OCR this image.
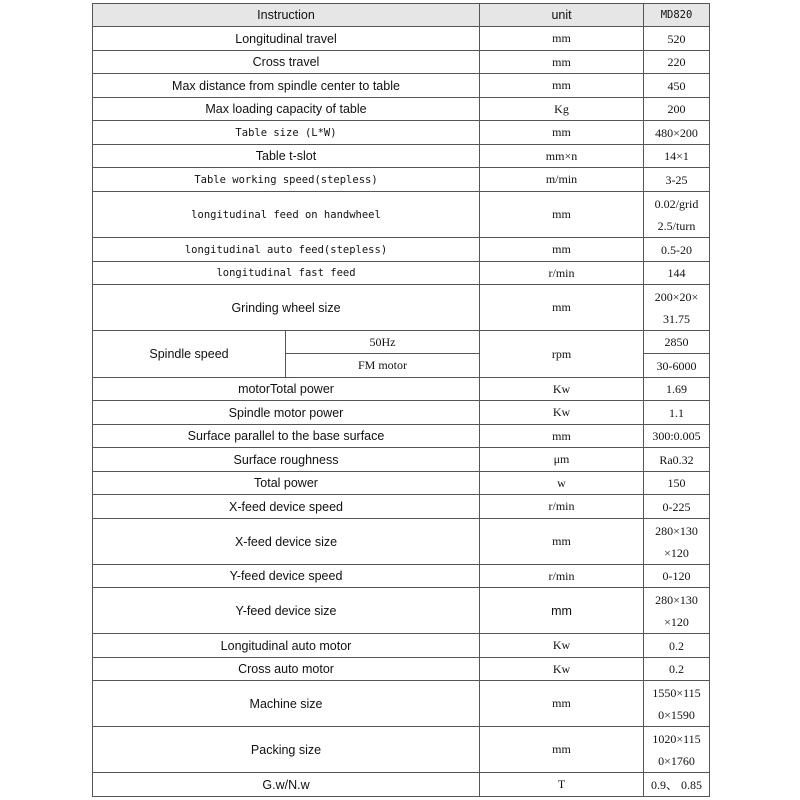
Instruction		unit	MD820
Longitudinal travel		mm	520
Cross travel		mm	220
Max distance from spindle center to table		mm	450
Max loading capacity of table		Kg	200
Table size (L*W)		mm	480×200
Table t-slot		mm×n	14×1
Table working speed(stepless)		m/min	3-25
longitudinal feed on handwheel		mm	0.02/grid
2.5/turn

longitudinal auto feed(stepless)		mm	0.5-20
longitudinal fast feed		r/min	144
Grinding wheel size		mm	200×20×
31.75

Spindle speed	50Hz	rpm	2850
	FM motor		30-6000
motorTotal power		Kw	1.69
Spindle motor power		Kw	1.1
Surface parallel to the base surface		mm	300:0.005
Surface roughness		μm	Ra0.32
Total power		w	150
X-feed device speed		r/min	0-225
X-feed device size		mm	280×130
×120

Y-feed device speed		r/min	0-120
Y-feed device size		mm	280×130
×120

Longitudinal auto motor		Kw	0.2
Cross auto motor		Kw	0.2
Machine size		mm	1550×115
0×1590

Packing size		mm	1020×115
0×1760

G.w/N.w		T	0.9、 0.85
